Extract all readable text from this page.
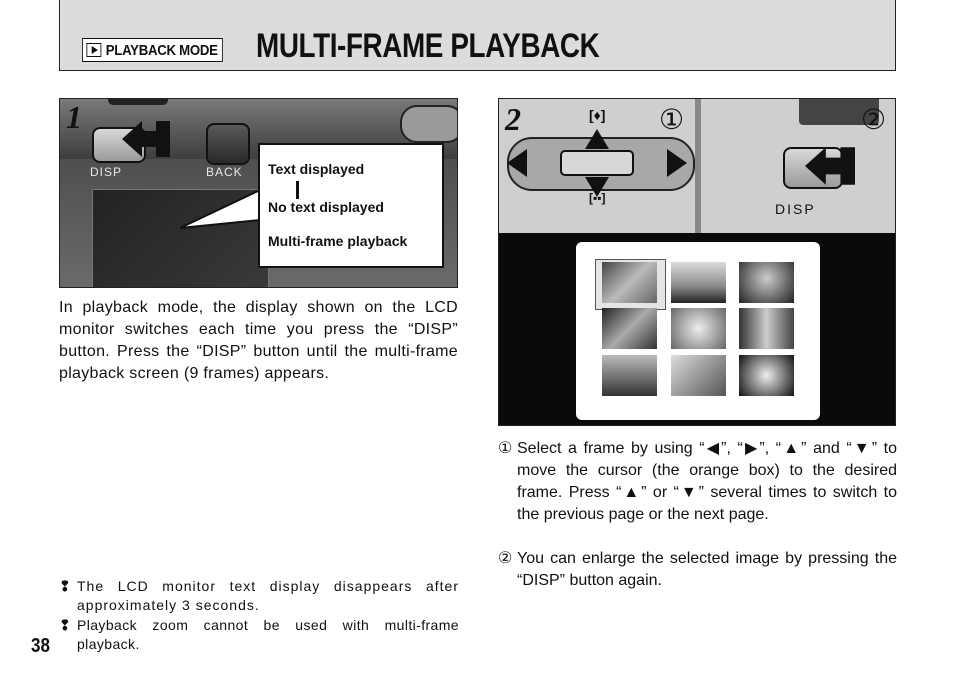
PLAYBACK MODE MULTI-FRAME PLAYBACK
DISP	BACK
1
Text displayed
No text displayed
Multi-frame playback

In playback mode, the display shown on the LCD monitor switches each time you press the “DISP” button. Press the “DISP” button until the multi-frame playback screen (9 frames) appears.

[♦]
[▪▪]
DISP
①	②
2
① Select a frame by using “◀”, “▶”, “▲” and “▼” to move the cursor (the orange box) to the desired frame. Press “▲” or “▼” several times to switch to the previous page or the next page.
② You can enlarge the selected image by pressing the “DISP” button again.
❢ The LCD monitor text display disappears after approximately 3 seconds.
❢ Playback zoom cannot be used with multi-frame playback.
38
